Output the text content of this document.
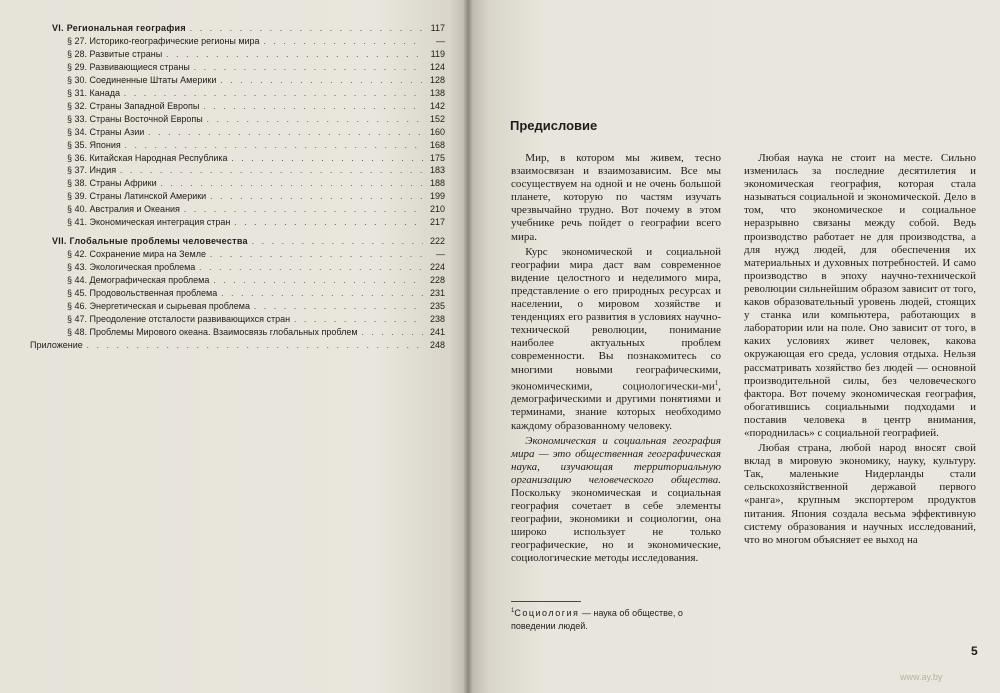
VI. Региональная география . . .	117
§ 27. Историко-географические регионы мира . . .	—
§ 28. Развитые страны . . .	119
§ 29. Развивающиеся страны . . .	124
§ 30. Соединенные Штаты Америки . . .	128
§ 31. Канада . . .	138
§ 32. Страны Западной Европы . . .	142
§ 33. Страны Восточной Европы . . .	152
§ 34. Страны Азии . . .	160
§ 35. Япония . . .	168
§ 36. Китайская Народная Республика . . .	175
§ 37. Индия . . .	183
§ 38. Страны Африки . . .	188
§ 39. Страны Латинской Америки . . .	199
§ 40. Австралия и Океания . . .	210
§ 41. Экономическая интеграция стран . . .	217
VII. Глобальные проблемы человечества . . .	222
§ 42. Сохранение мира на Земле . . .	—
§ 43. Экологическая проблема . . .	224
§ 44. Демографическая проблема . . .	228
§ 45. Продовольственная проблема . . .	231
§ 46. Энергетическая и сырьевая проблема . . .	235
§ 47. Преодоление отсталости развивающихся стран . . .	238
§ 48. Проблемы Мирового океана. Взаимосвязь глобальных проблем . . .	241
Приложение . . .	248
Предисловие

Мир, в котором мы живем, тесно взаимосвязан и взаимозависим. Все мы сосуществуем на одной и не очень большой планете, которую по частям изучать чрезвычайно трудно. Вот почему в этом учебнике речь пойдет о географии всего мира.

Курс экономической и социальной географии мира даст вам современное видение целостного и неделимого мира, представление о его природных ресурсах и населении, о мировом хозяйстве и тенденциях его развития в условиях научно-технической революции, понимание наиболее актуальных проблем современности. Вы познакомитесь со многими новыми географическими, экономическими, социологически-$ми^1$, демографическими и другими понятиями и терминами, знание которых необходимо каждому образованному человеку.

Экономическая и социальная география мира — это общественная географическая наука, изучающая территориальную организацию человеческого общества. Поскольку экономическая и социальная география сочетает в себе элементы географии, экономики и социологии, она широко использует не только географические, но и экономические, социологические методы исследования.

Любая наука не стоит на месте. Сильно изменилась за последние десятилетия и экономическая география, которая стала называться социальной и экономической. Дело в том, что экономическое и социальное неразрывно связаны между собой. Ведь производство работает не для производства, а для нужд людей, для обеспечения их материальных и духовных потребностей. И само производство в эпоху научно-технической революции сильнейшим образом зависит от того, каков образовательный уровень людей, стоящих у станка или компьютера, работающих в лаборатории или на поле. Оно зависит от того, в каких условиях живет человек, какова окружающая его среда, условия отдыха. Нельзя рассматривать хозяйство без людей — основной производительной силы, без человеческого фактора. Вот почему экономическая география, обогатившись социальными подходами и поставив человека в центр внимания, «породнилась» с социальной географией.

Любая страна, любой народ вносят свой вклад в мировую экономику, науку, культуру. Так, маленькие Нидерланды стали сельскохозяйственной державой первого «ранга», крупным экспортером продуктов питания. Япония создала весьма эффективную систему образования и научных исследований, что во многом объясняет ее выход на

$^1$Социология — наука об обществе, о поведении людей.
5
www.ay.by
